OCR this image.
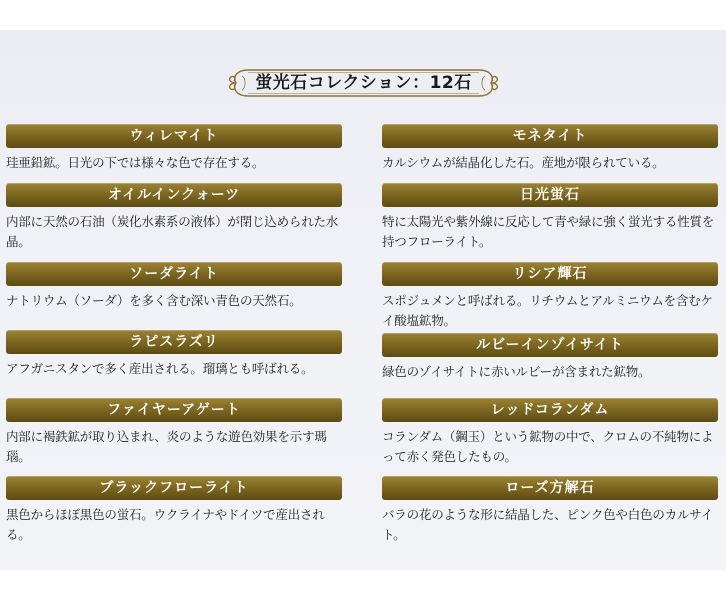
蛍光石コレクション：12石
ウィレマイト

珪亜鉛鉱。日光の下では様々な色で存在する。

オイルインクォーツ

内部に天然の石油（炭化水素系の液体）が閉じ込められた水晶。

ソーダライト

ナトリウム（ソーダ）を多く含む深い青色の天然石。

ラピスラズリ

アフガニスタンで多く産出される。瑠璃とも呼ばれる。

ファイヤーアゲート

内部に褐鉄鉱が取り込まれ、炎のような遊色効果を示す瑪瑙。

ブラックフローライト

黒色からほぼ黒色の蛍石。ウクライナやドイツで産出される。

モネタイト

カルシウムが結晶化した石。産地が限られている。

日光蛍石

特に太陽光や紫外線に反応して青や緑に強く蛍光する性質を持つフローライト。

リシア輝石

スポジュメンと呼ばれる。リチウムとアルミニウムを含むケイ酸塩鉱物。

ルビーインゾイサイト

緑色のゾイサイトに赤いルビーが含まれた鉱物。

レッドコランダム

コランダム（鋼玉）という鉱物の中で、クロムの不純物によって赤く発色したもの。

ローズ方解石

バラの花のような形に結晶した、ピンク色や白色のカルサイト。
